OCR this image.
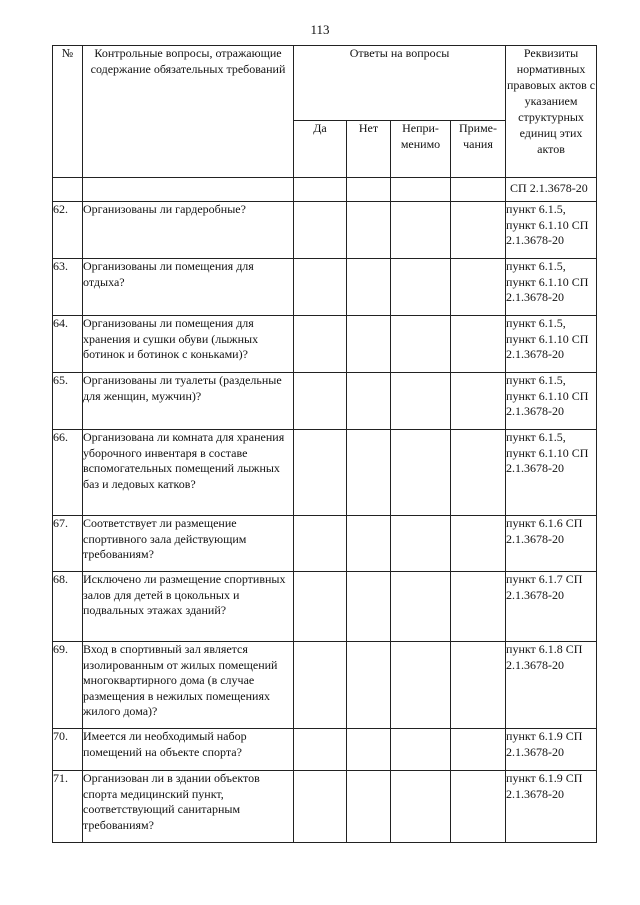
113
№	Контрольные вопросы, отражающие содержание обязательных требований	Ответы на вопросы				Реквизиты нормативных правовых актов с указанием структурных единиц этих актов
		Да	Нет	Непри-менимо	Приме-чания	
						СП 2.1.3678-20
62.	Организованы ли гардеробные?					пункт 6.1.5, пункт 6.1.10 СП 2.1.3678-20
63.	Организованы ли помещения для отдыха?					пункт 6.1.5, пункт 6.1.10 СП 2.1.3678-20
64.	Организованы ли помещения для хранения и сушки обуви (лыжных ботинок и ботинок с коньками)?					пункт 6.1.5, пункт 6.1.10 СП 2.1.3678-20
65.	Организованы ли туалеты (раздельные для женщин, мужчин)?					пункт 6.1.5, пункт 6.1.10 СП 2.1.3678-20
66.	Организована ли комната для хранения уборочного инвентаря в составе вспомогательных помещений лыжных баз и ледовых катков?					пункт 6.1.5, пункт 6.1.10 СП 2.1.3678-20
67.	Соответствует ли размещение спортивного зала действующим требованиям?					пункт 6.1.6 СП 2.1.3678-20
68.	Исключено ли размещение спортивных залов для детей в цокольных и подвальных этажах зданий?					пункт 6.1.7 СП 2.1.3678-20
69.	Вход в спортивный зал является изолированным от жилых помещений многоквартирного дома (в случае размещения в нежилых помещениях жилого дома)?					пункт 6.1.8 СП 2.1.3678-20
70.	Имеется ли необходимый набор помещений на объекте спорта?					пункт 6.1.9 СП 2.1.3678-20
71.	Организован ли в здании объектов спорта медицинский пункт, соответствующий санитарным требованиям?					пункт 6.1.9 СП 2.1.3678-20
